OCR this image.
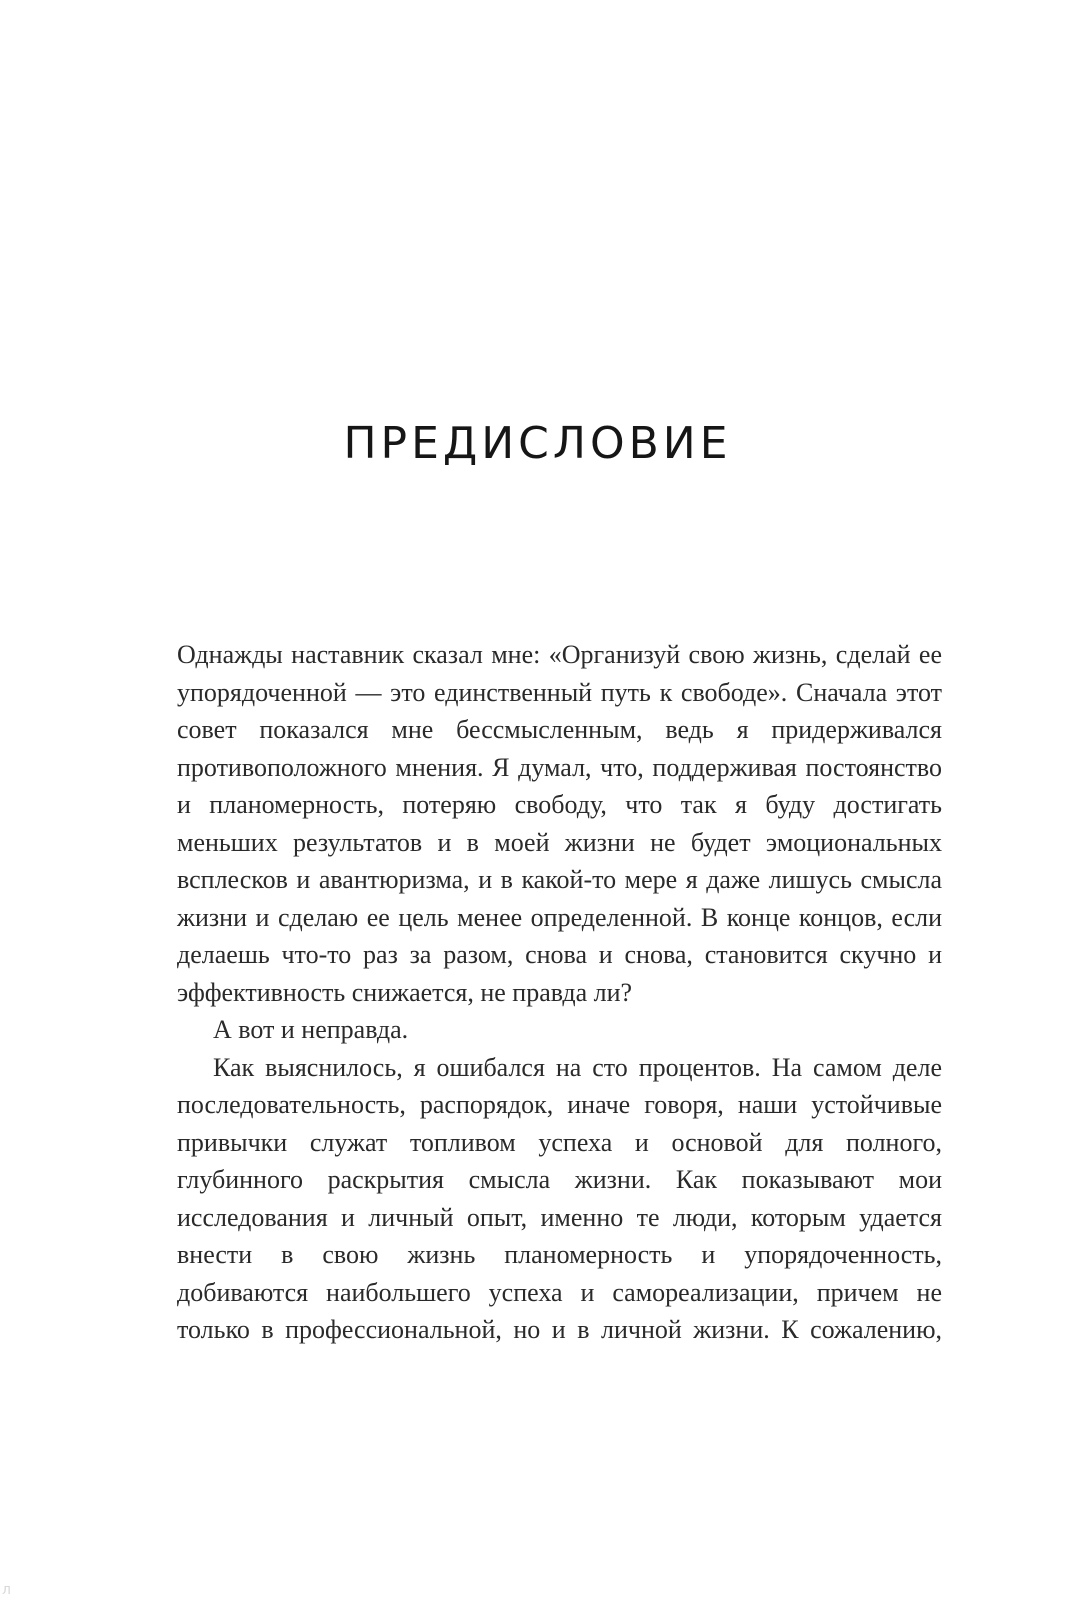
ПРЕДИСЛОВИЕ

Однажды наставник сказал мне: «Организуй свою жизнь, сделай ее упорядоченной — это единственный путь к свободе». Сначала этот совет показался мне бессмысленным, ведь я придерживался противоположного мнения. Я думал, что, поддерживая постоянство и планомерность, потеряю свободу, что так я буду достигать меньших результатов и в моей жизни не будет эмоциональных всплесков и авантюризма, и в какой-то мере я даже лишусь смысла жизни и сделаю ее цель менее определенной. В конце концов, если делаешь что-то раз за разом, снова и снова, становится скучно и эффективность снижается, не правда ли?

А вот и неправда.

Как выяснилось, я ошибался на сто процентов. На самом деле последовательность, распорядок, иначе говоря, наши устойчивые привычки служат топливом успеха и основой для полного, глубинного раскрытия смысла жизни. Как показывают мои исследования и личный опыт, именно те люди, которым удается внести в свою жизнь планомерность и упорядоченность, добиваются наибольшего успеха и самореализации, причем не только в профессиональной, но и в личной жизни. К сожалению,

л
